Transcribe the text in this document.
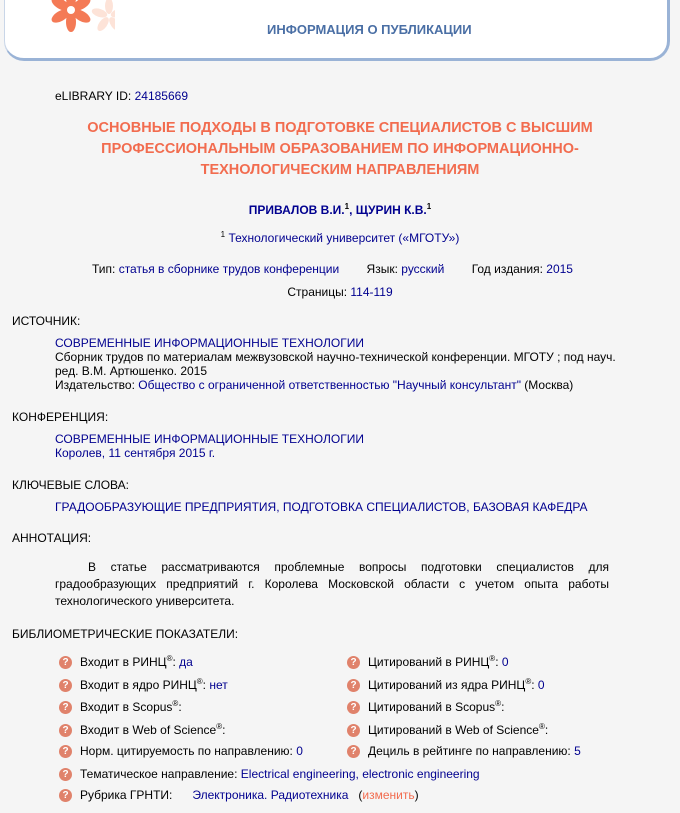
ИНФОРМАЦИЯ О ПУБЛИКАЦИИ
eLIBRARY ID: 24185669
ОСНОВНЫЕ ПОДХОДЫ В ПОДГОТОВКЕ СПЕЦИАЛИСТОВ С ВЫСШИМ
ПРОФЕССИОНАЛЬНЫМ ОБРАЗОВАНИЕМ ПО ИНФОРМАЦИОННО-
ТЕХНОЛОГИЧЕСКИМ НАПРАВЛЕНИЯМ
ПРИВАЛОВ В.И.$^1$, ЩУРИН К.В.$^1$
$^1$ Технологический университет («МГОТУ»)
Тип: статья в сборнике трудов конференции Язык: русский Год издания: 2015
Страницы: 114-119
ИСТОЧНИК:
СОВРЕМЕННЫЕ ИНФОРМАЦИОННЫЕ ТЕХНОЛОГИИ
Сборник трудов по материалам межвузовской научно-технической конференции. МГОТУ ; под науч.
ред. В.М. Артюшенко. 2015
Издательство: Общество с ограниченной ответственностью "Научный консультант" (Москва)
КОНФЕРЕНЦИЯ:
СОВРЕМЕННЫЕ ИНФОРМАЦИОННЫЕ ТЕХНОЛОГИИ
Королев, 11 сентября 2015 г.
КЛЮЧЕВЫЕ СЛОВА:
ГРАДООБРАЗУЮЩИЕ ПРЕДПРИЯТИЯ, ПОДГОТОВКА СПЕЦИАЛИСТОВ, БАЗОВАЯ КАФЕДРА
АННОТАЦИЯ:
В статье рассматриваются проблемные вопросы подготовки специалистов для градообразующих предприятий г. Королева Московской области с учетом опыта работы технологического университета.
БИБЛИОМЕТРИЧЕСКИЕ ПОКАЗАТЕЛИ:
? Входит в РИНЦ®: да
? Входит в ядро РИНЦ®: нет
? Входит в Scopus®:
? Входит в Web of Science®:
? Норм. цитируемость по направлению: 0
? Цитирований в РИНЦ®: 0
? Цитирований из ядра РИНЦ®: 0
? Цитирований в Scopus®:
? Цитирований в Web of Science®:
? Дециль в рейтинге по направлению: 5
? Тематическое направление: Electrical engineering, electronic engineering
? Рубрика ГРНТИ: Электроника. Радиотехника   (изменить)
